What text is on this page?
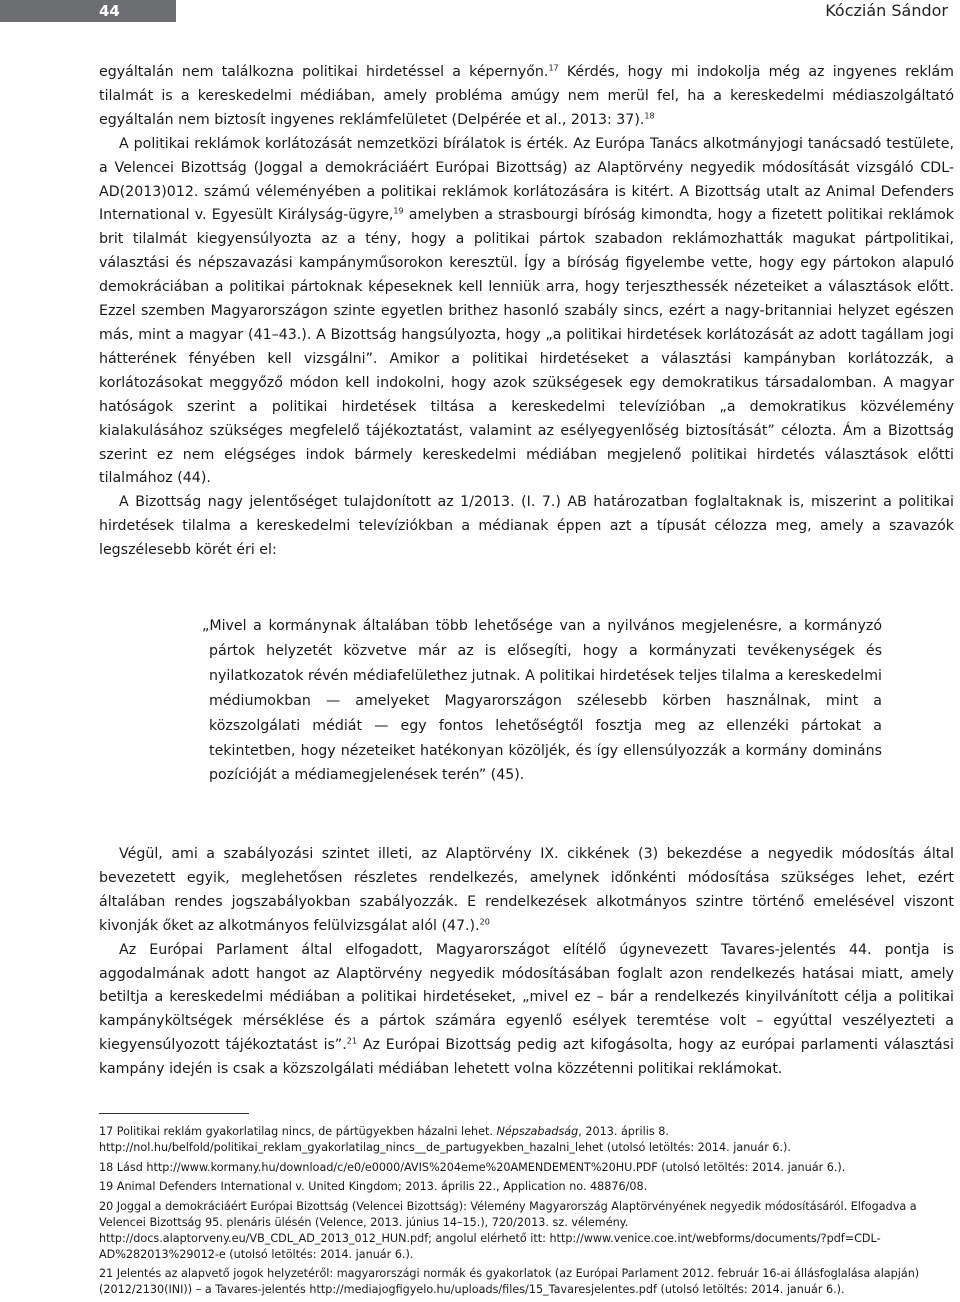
44	Kóczián Sándor

egyáltalán nem találkozna politikai hirdetéssel a képernyőn.$^{17}$ Kérdés, hogy mi indokolja még az ingyenes reklám tilalmát is a kereskedelmi médiában, amely probléma amúgy nem merül fel, ha a kereskedelmi médiaszolgáltató egyáltalán nem biztosít ingyenes reklámfelületet (Delpérée et al., 2013: 37).$^{18}$

A politikai reklámok korlátozását nemzetközi bírálatok is érték. Az Európa Tanács alkotmányjogi tanácsadó testülete, a Velencei Bizottság (Joggal a demokráciáért Európai Bizottság) az Alaptörvény negyedik módosítását vizsgáló CDL-AD(2013)012. számú véleményében a politikai reklámok korlátozására is kitért. A Bizottság utalt az Animal Defenders International v. Egyesült Királyság-ügyre,$^{19}$ amelyben a strasbourgi bíróság kimondta, hogy a fizetett politikai reklámok brit tilalmát kiegyensúlyozta az a tény, hogy a politikai pártok szabadon reklámozhatták magukat pártpolitikai, választási és népszavazási kampányműsorokon keresztül. Így a bíróság figyelembe vette, hogy egy pártokon alapuló demokráciában a politikai pártoknak képeseknek kell lenniük arra, hogy terjeszthessék nézeteiket a választások előtt. Ezzel szemben Magyarországon szinte egyetlen brithez hasonló szabály sincs, ezért a nagy-britanniai helyzet egészen más, mint a magyar (41–43.). A Bizottság hangsúlyozta, hogy „a politikai hirdetések korlátozását az adott tagállam jogi hátterének fényében kell vizsgálni”. Amikor a politikai hirdetéseket a választási kampányban korlátozzák, a korlátozásokat meggyőző módon kell indokolni, hogy azok szükségesek egy demokratikus társadalomban. A magyar hatóságok szerint a politikai hirdetések tiltása a kereskedelmi televízióban „a demokratikus közvélemény kialakulásához szükséges megfelelő tájékoztatást, valamint az esélyegyenlőség biztosítását” célozta. Ám a Bizottság szerint ez nem elégséges indok bármely kereskedelmi médiában megjelenő politikai hirdetés választások előtti tilalmához (44).

A Bizottság nagy jelentőséget tulajdonított az 1/2013. (I. 7.) AB határozatban foglaltaknak is, miszerint a politikai hirdetések tilalma a kereskedelmi televíziókban a médianak éppen azt a típusát célozza meg, amely a szavazók legszélesebb körét éri el:

„Mivel a kormánynak általában több lehetősége van a nyilvános megjelenésre, a kormányzó pártok helyzetét közvetve már az is elősegíti, hogy a kormányzati tevékenységek és nyilatkozatok révén médiafelülethez jutnak. A politikai hirdetések teljes tilalma a kereskedelmi médiumokban — amelyeket Magyarországon szélesebb körben használnak, mint a közszolgálati médiát — egy fontos lehetőségtől fosztja meg az ellenzéki pártokat a tekintetben, hogy nézeteiket hatékonyan közöljék, és így ellensúlyozzák a kormány domináns pozícióját a médiamegjelenések terén” (45).

Végül, ami a szabályozási szintet illeti, az Alaptörvény IX. cikkének (3) bekezdése a negyedik módosítás által bevezetett egyik, meglehetősen részletes rendelkezés, amelynek időnkénti módosítása szükséges lehet, ezért általában rendes jogszabályokban szabályozzák. E rendelkezések alkotmányos szintre történő emelésével viszont kivonják őket az alkotmányos felülvizsgálat alól (47.).$^{20}$

Az Európai Parlament által elfogadott, Magyarországot elítélő úgynevezett Tavares-jelentés 44. pontja is aggodalmának adott hangot az Alaptörvény negyedik módosításában foglalt azon rendelkezés hatásai miatt, amely betiltja a kereskedelmi médiában a politikai hirdetéseket, „mivel ez – bár a rendelkezés kinyilvánított célja a politikai kampányköltségek mérséklése és a pártok számára egyenlő esélyek teremtése volt – egyúttal veszélyezteti a kiegyensúlyozott tájékoztatást is”.$^{21}$ Az Európai Bizottság pedig azt kifogásolta, hogy az európai parlamenti választási kampány idején is csak a közszolgálati médiában lehetett volna közzétenni politikai reklámokat.

17 Politikai reklám gyakorlatilag nincs, de pártügyekben házalni lehet. Népszabadság, 2013. április 8. http://nol.hu/belfold/politikai_reklam_gyakorlatilag_nincs__de_partugyekben_hazalni_lehet (utolsó letöltés: 2014. január 6.).

18 Lásd http://www.kormany.hu/download/c/e0/e0000/AVIS%204eme%20AMENDEMENT%20HU.PDF (utolsó letöltés: 2014. január 6.).

19 Animal Defenders International v. United Kingdom; 2013. április 22., Application no. 48876/08.

20 Joggal a demokráciáért Európai Bizottság (Velencei Bizottság): Vélemény Magyarország Alaptörvényének negyedik módosításáról. Elfogadva a Velencei Bizottság 95. plenáris ülésén (Velence, 2013. június 14–15.), 720/2013. sz. vélemény. http://docs.alaptorveny.eu/VB_CDL_AD_2013_012_HUN.pdf; angolul elérhető itt: http://www.venice.coe.int/webforms/documents/?pdf=CDL-AD%282013%29012-e (utolsó letöltés: 2014. január 6.).

21 Jelentés az alapvető jogok helyzetéről: magyarországi normák és gyakorlatok (az Európai Parlament 2012. február 16-ai állásfoglalása alapján) (2012/2130(INI)) – a Tavares-jelentés http://mediajogfigyelo.hu/uploads/files/15_Tavaresjelentes.pdf (utolsó letöltés: 2014. január 6.).
